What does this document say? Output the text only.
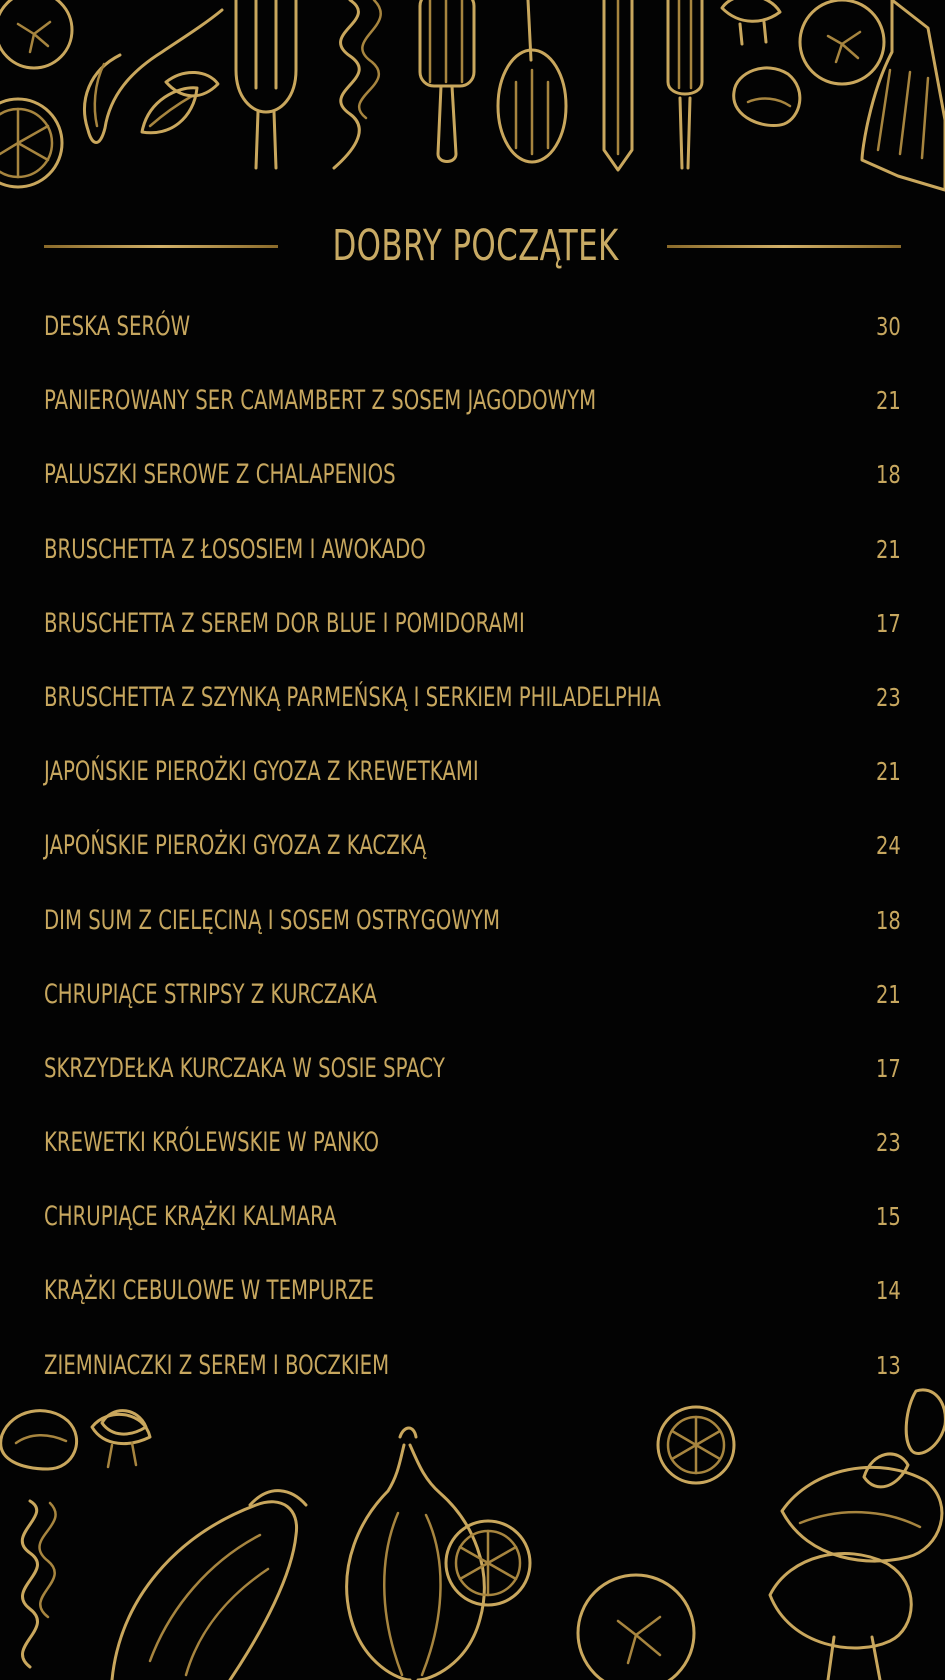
DOBRY POCZĄTEK
DESKA SERÓW	30
PANIEROWANY SER CAMAMBERT Z SOSEM JAGODOWYM	21
PALUSZKI SEROWE Z CHALAPENIOS	18
BRUSCHETTA Z ŁOSOSIEM I AWOKADO	21
BRUSCHETTA Z SEREM DOR BLUE I POMIDORAMI	17
BRUSCHETTA Z SZYNKĄ PARMEŃSKĄ I SERKIEM PHILADELPHIA	23
JAPOŃSKIE PIEROŻKI GYOZA Z KREWETKAMI	21
JAPOŃSKIE PIEROŻKI GYOZA Z KACZKĄ	24
DIM SUM Z CIELĘCINĄ I SOSEM OSTRYGOWYM	18
CHRUPIĄCE STRIPSY Z KURCZAKA	21
SKRZYDEŁKA KURCZAKA W SOSIE SPACY	17
KREWETKI KRÓLEWSKIE W PANKO	23
CHRUPIĄCE KRĄŻKI KALMARA	15
KRĄŻKI CEBULOWE W TEMPURZE	14
ZIEMNIACZKI Z SEREM I BOCZKIEM	13
